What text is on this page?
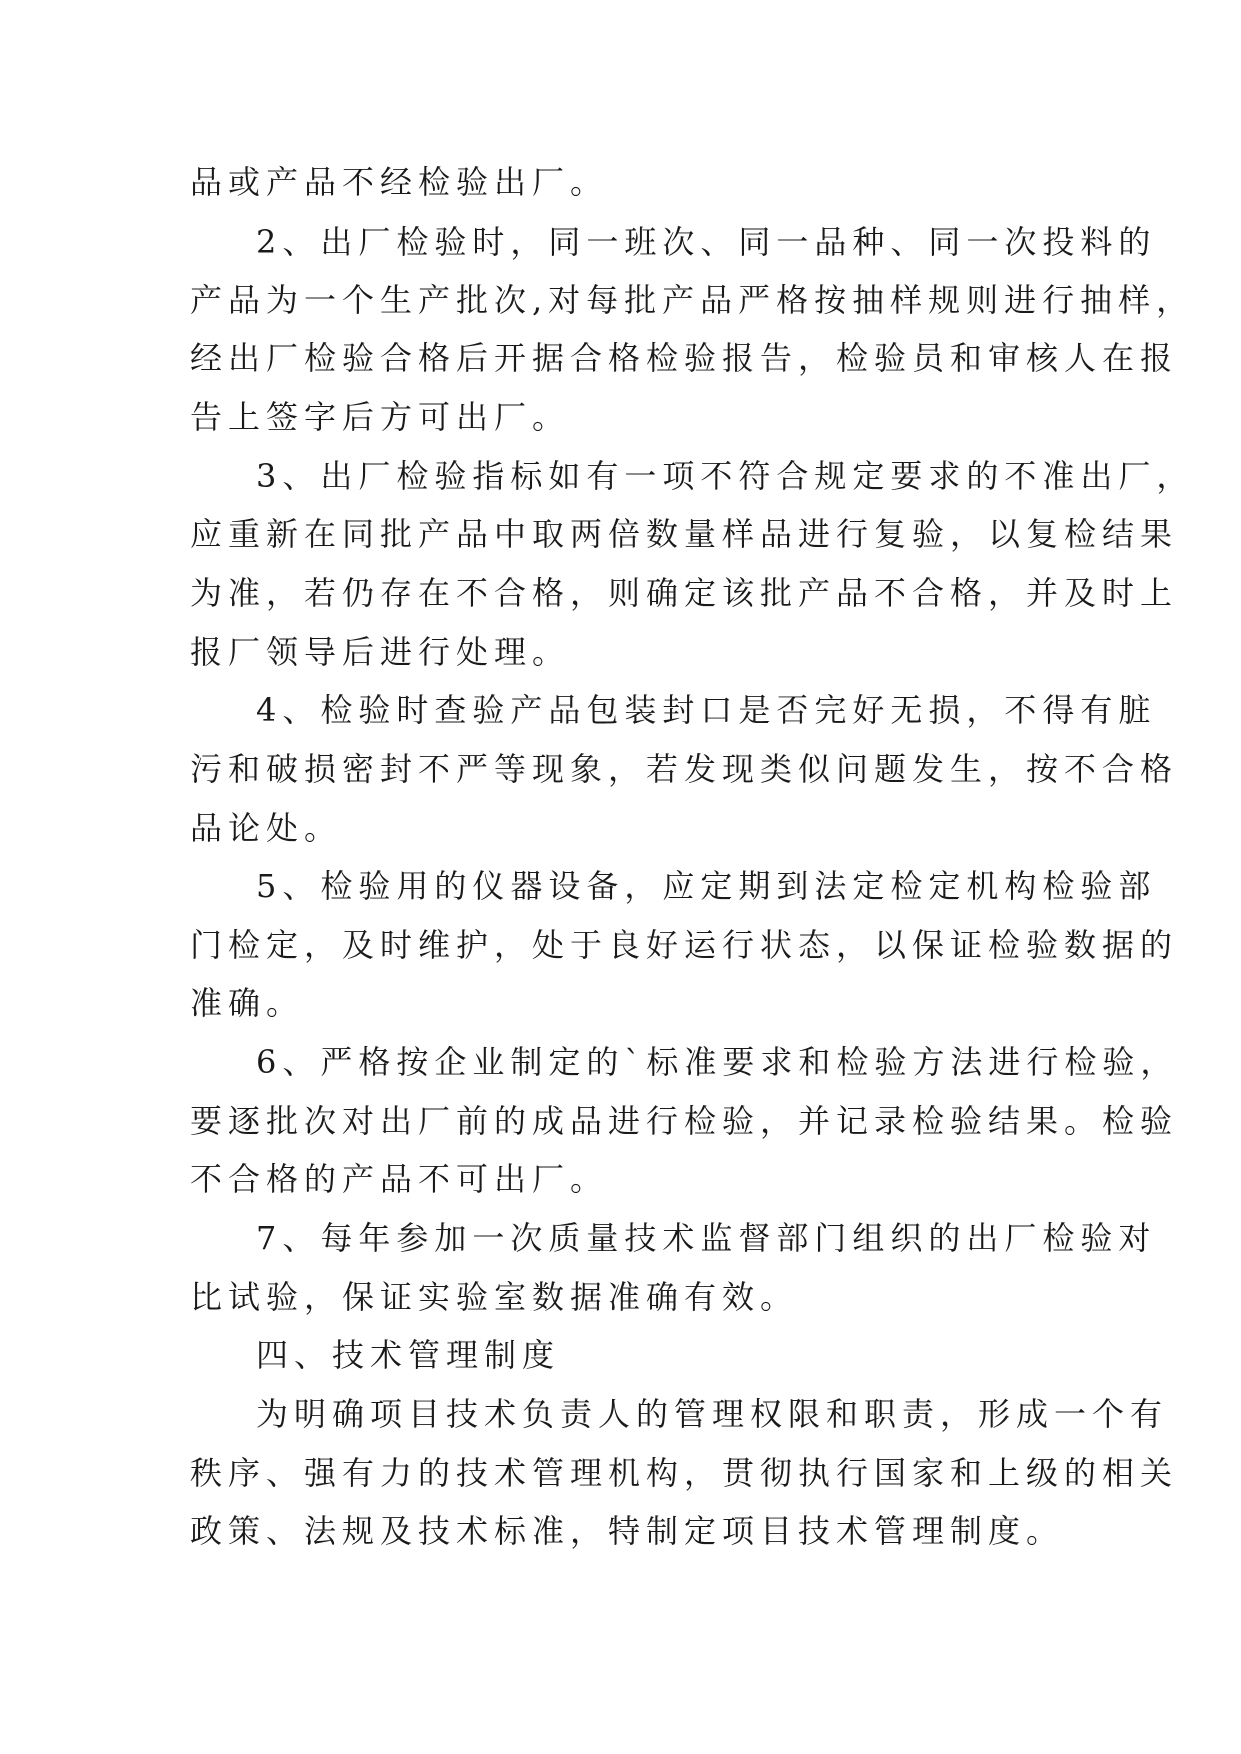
品或产品不经检验出厂。
2、出厂检验时，同一班次、同一品种、同一次投料的
产品为一个生产批次,对每批产品严格按抽样规则进行抽样，
经出厂检验合格后开据合格检验报告，检验员和审核人在报
告上签字后方可出厂。
3、出厂检验指标如有一项不符合规定要求的不准出厂，
应重新在同批产品中取两倍数量样品进行复验，以复检结果
为准，若仍存在不合格，则确定该批产品不合格，并及时上
报厂领导后进行处理。
4、检验时查验产品包装封口是否完好无损，不得有脏
污和破损密封不严等现象，若发现类似问题发生，按不合格
品论处。
5、检验用的仪器设备，应定期到法定检定机构检验部
门检定，及时维护，处于良好运行状态，以保证检验数据的
准确。
6、严格按企业制定的`标准要求和检验方法进行检验，
要逐批次对出厂前的成品进行检验，并记录检验结果。检验
不合格的产品不可出厂。
7、每年参加一次质量技术监督部门组织的出厂检验对
比试验，保证实验室数据准确有效。
四、技术管理制度
为明确项目技术负责人的管理权限和职责，形成一个有
秩序、强有力的技术管理机构，贯彻执行国家和上级的相关
政策、法规及技术标准，特制定项目技术管理制度。
